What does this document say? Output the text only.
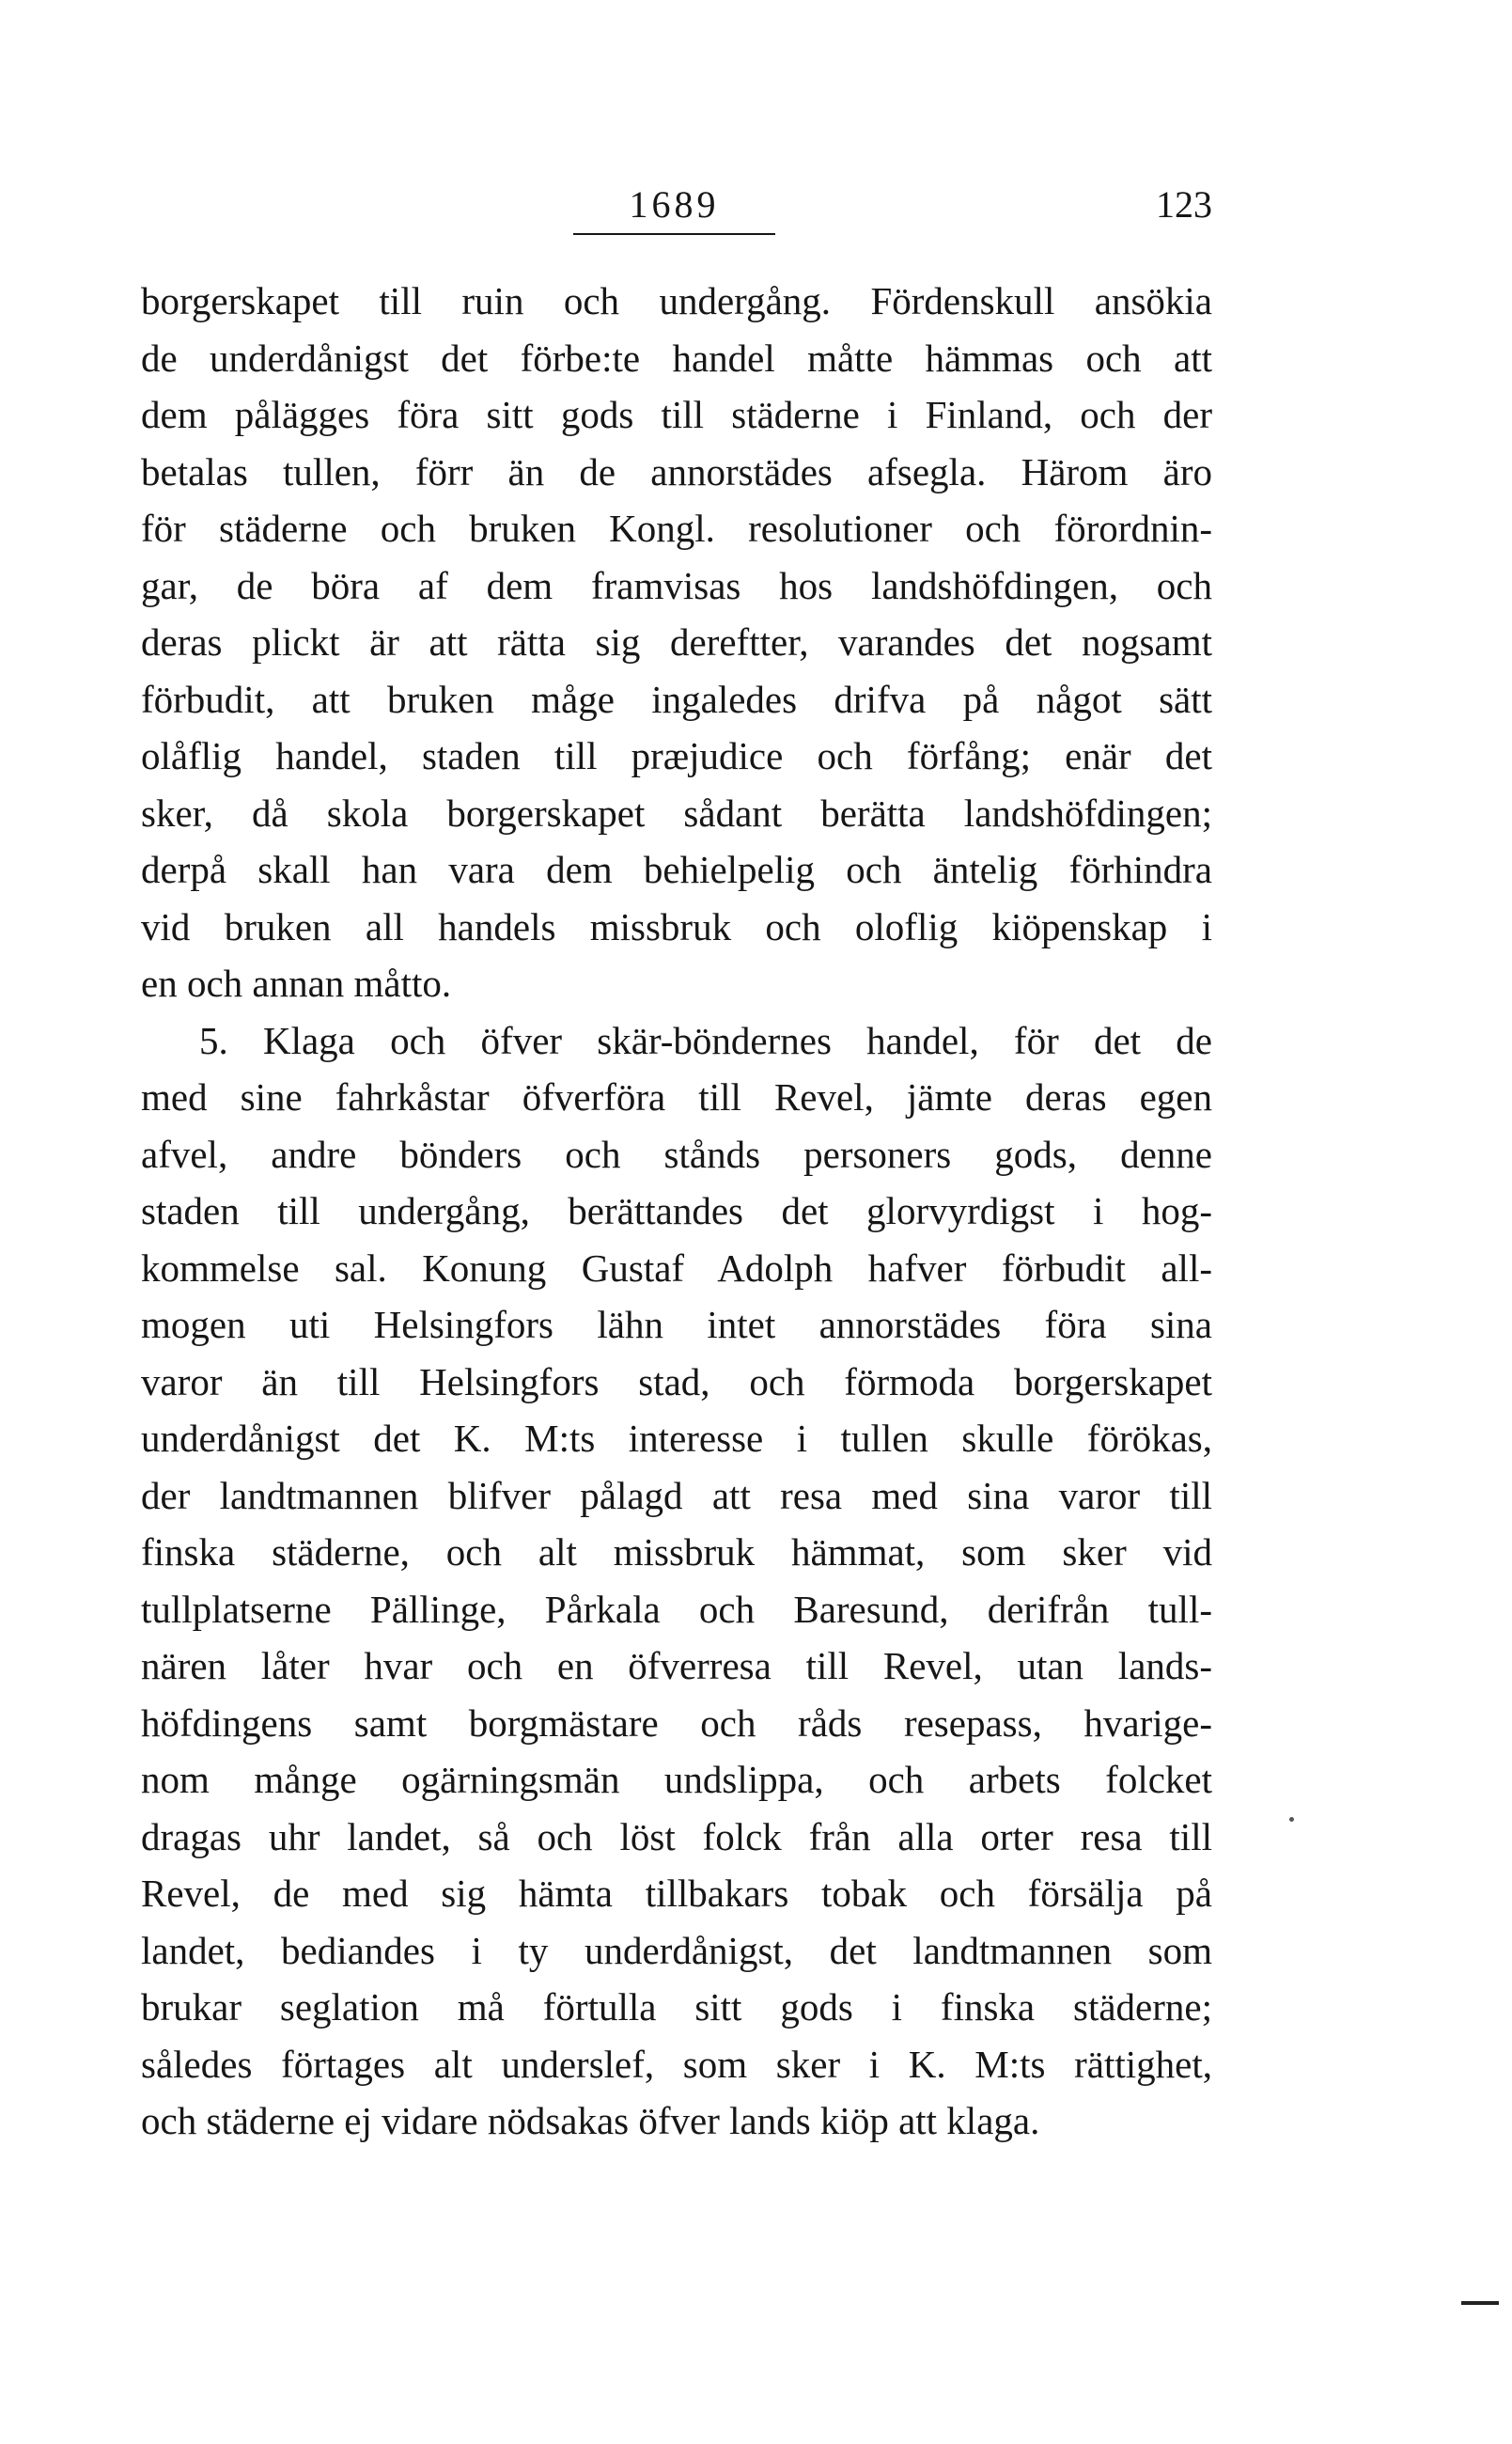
1689	123
borgerskapet till ruin och undergång. Fördenskull ansökia
de underdånigst det förbe:te handel måtte hämmas och att
dem pålägges föra sitt gods till städerne i Finland, och der
betalas tullen, förr än de annorstädes afsegla. Härom äro
för städerne och bruken Kongl. resolutioner och förordnin-
gar, de böra af dem framvisas hos landshöfdingen, och
deras plickt är att rätta sig dereftter, varandes det nogsamt
förbudit, att bruken måge ingaledes drifva på något sätt
olåflig handel, staden till præjudice och förfång; enär det
sker, då skola borgerskapet sådant berätta landshöfdingen;
derpå skall han vara dem behielpelig och äntelig förhindra
vid bruken all handels missbruk och oloflig kiöpenskap i
en och annan måtto.
5. Klaga och öfver skär-böndernes handel, för det de
med sine fahrkåstar öfverföra till Revel, jämte deras egen
afvel, andre bönders och stånds personers gods, denne
staden till undergång, berättandes det glorvyrdigst i hog-
kommelse sal. Konung Gustaf Adolph hafver förbudit all-
mogen uti Helsingfors lähn intet annorstädes föra sina
varor än till Helsingfors stad, och förmoda borgerskapet
underdånigst det K. M:ts interesse i tullen skulle förökas,
der landtmannen blifver pålagd att resa med sina varor till
finska städerne, och alt missbruk hämmat, som sker vid
tullplatserne Pällinge, Pårkala och Baresund, derifrån tull-
nären låter hvar och en öfverresa till Revel, utan lands-
höfdingens samt borgmästare och råds resepass, hvarige-
nom månge ogärningsmän undslippa, och arbets folcket
dragas uhr landet, så och löst folck från alla orter resa till
Revel, de med sig hämta tillbakars tobak och försälja på
landet, bediandes i ty underdånigst, det landtmannen som
brukar seglation må förtulla sitt gods i finska städerne;
således förtages alt underslef, som sker i K. M:ts rättighet,
och städerne ej vidare nödsakas öfver lands kiöp att klaga.
